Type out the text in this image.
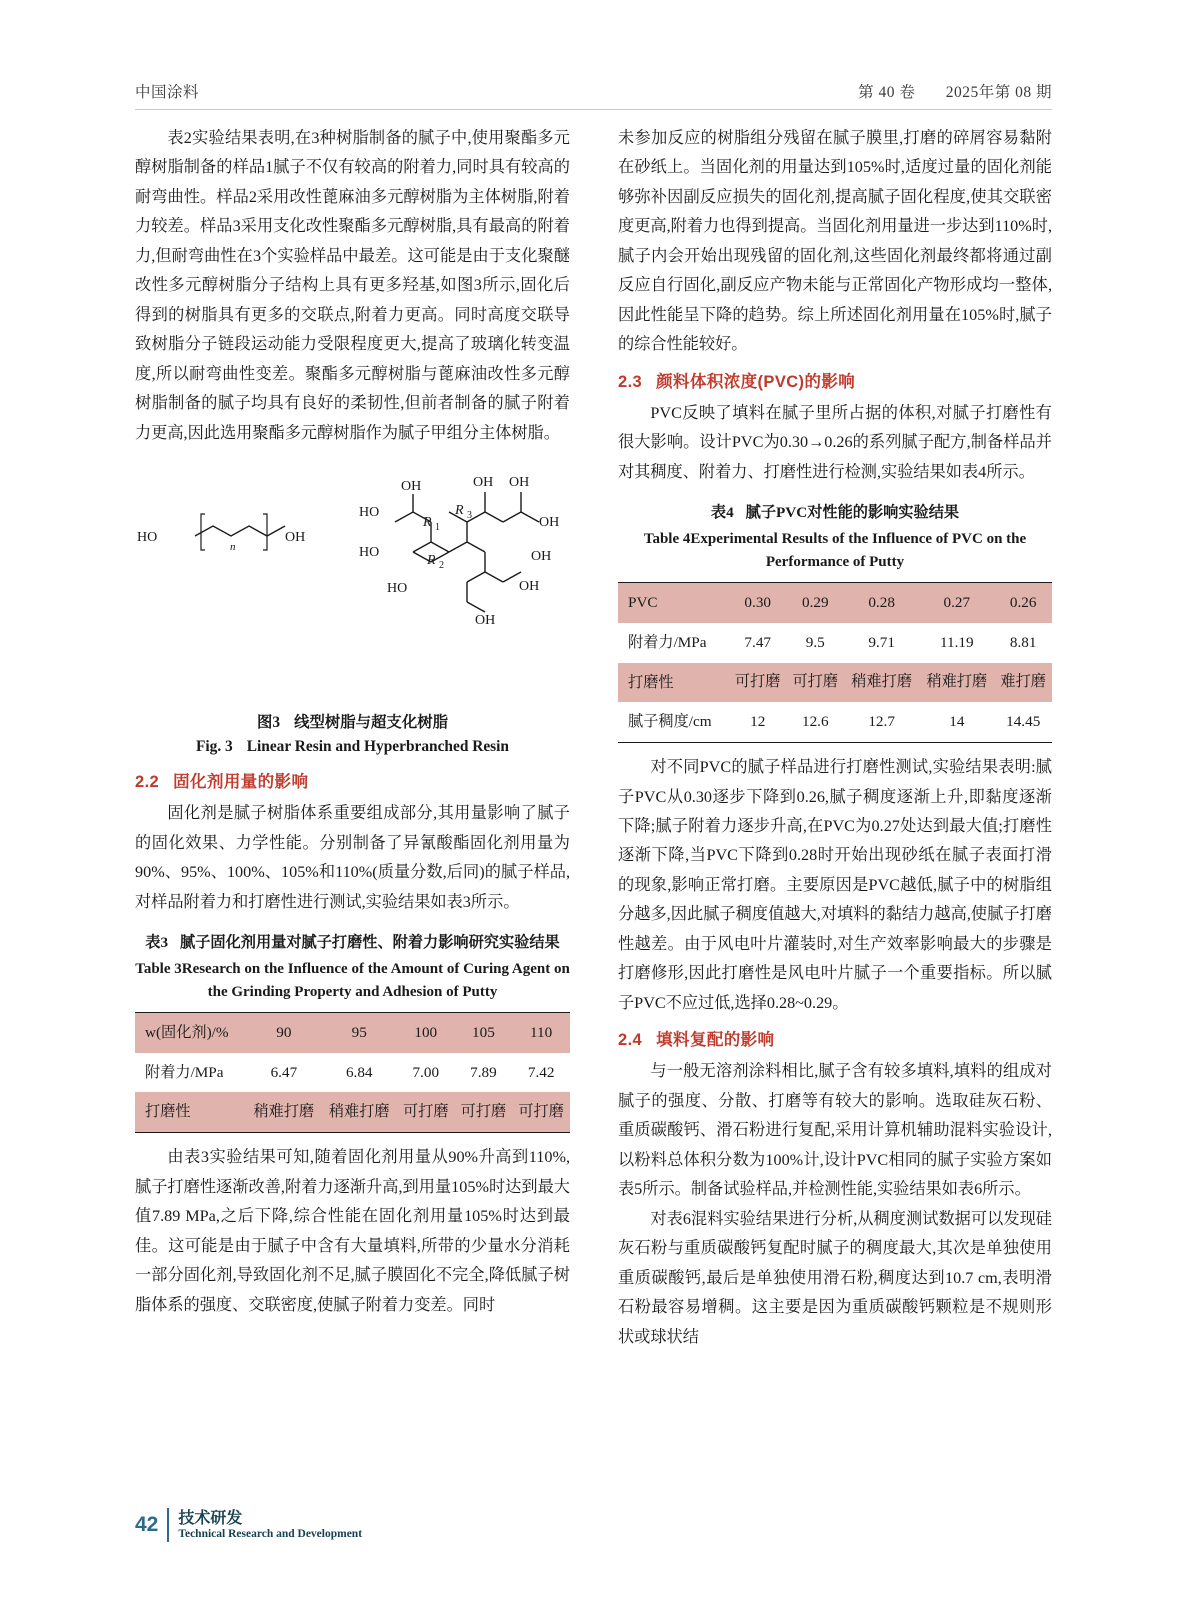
中国涂料	第 40 卷 2025年第 08 期

表2实验结果表明,在3种树脂制备的腻子中,使用聚酯多元醇树脂制备的样品1腻子不仅有较高的附着力,同时具有较高的耐弯曲性。样品2采用改性蓖麻油多元醇树脂为主体树脂,附着力较差。样品3采用支化改性聚酯多元醇树脂,具有最高的附着力,但耐弯曲性在3个实验样品中最差。这可能是由于支化聚醚改性多元醇树脂分子结构上具有更多羟基,如图3所示,固化后得到的树脂具有更多的交联点,附着力更高。同时高度交联导致树脂分子链段运动能力受限程度更大,提高了玻璃化转变温度,所以耐弯曲性变差。聚酯多元醇树脂与蓖麻油改性多元醇树脂制备的腻子均具有良好的柔韧性,但前者制备的腻子附着力更高,因此选用聚酯多元醇树脂作为腻子甲组分主体树脂。

HO	OH
n
OH	OH OH
HO
HO
HO
OH
OH
OH
OH
R 1
R 2
R 3
图3 线型树脂与超支化树脂
Fig. 3 Linear Resin and Hyperbranched Resin
2.2 固化剂用量的影响

固化剂是腻子树脂体系重要组成部分,其用量影响了腻子的固化效果、力学性能。分别制备了异氰酸酯固化剂用量为90%、95%、100%、105%和110%(质量分数,后同)的腻子样品,对样品附着力和打磨性进行测试,实验结果如表3所示。

表3 腻子固化剂用量对腻子打磨性、附着力影响研究实验结果
Table 3Research on the Influence of the Amount of Curing Agent on the Grinding Property and Adhesion of Putty
w(固化剂)/%	90	95	100	105	110
附着力/MPa	6.47	6.84	7.00	7.89	7.42
打磨性	稍难打磨	稍难打磨	可打磨	可打磨	可打磨

由表3实验结果可知,随着固化剂用量从90%升高到110%,腻子打磨性逐渐改善,附着力逐渐升高,到用量105%时达到最大值7.89 MPa,之后下降,综合性能在固化剂用量105%时达到最佳。这可能是由于腻子中含有大量填料,所带的少量水分消耗一部分固化剂,导致固化剂不足,腻子膜固化不完全,降低腻子树脂体系的强度、交联密度,使腻子附着力变差。同时

未参加反应的树脂组分残留在腻子膜里,打磨的碎屑容易黏附在砂纸上。当固化剂的用量达到105%时,适度过量的固化剂能够弥补因副反应损失的固化剂,提高腻子固化程度,使其交联密度更高,附着力也得到提高。当固化剂用量进一步达到110%时,腻子内会开始出现残留的固化剂,这些固化剂最终都将通过副反应自行固化,副反应产物未能与正常固化产物形成均一整体,因此性能呈下降的趋势。综上所述固化剂用量在105%时,腻子的综合性能较好。

2.3 颜料体积浓度(PVC)的影响

PVC反映了填料在腻子里所占据的体积,对腻子打磨性有很大影响。设计PVC为0.30→0.26的系列腻子配方,制备样品并对其稠度、附着力、打磨性进行检测,实验结果如表4所示。

表4 腻子PVC对性能的影响实验结果
Table 4Experimental Results of the Influence of PVC on the Performance of Putty
PVC	0.30	0.29	0.28	0.27	0.26
附着力/MPa	7.47	9.5	9.71	11.19	8.81
打磨性	可打磨	可打磨	稍难打磨	稍难打磨	难打磨
腻子稠度/cm	12	12.6	12.7	14	14.45

对不同PVC的腻子样品进行打磨性测试,实验结果表明:腻子PVC从0.30逐步下降到0.26,腻子稠度逐渐上升,即黏度逐渐下降;腻子附着力逐步升高,在PVC为0.27处达到最大值;打磨性逐渐下降,当PVC下降到0.28时开始出现砂纸在腻子表面打滑的现象,影响正常打磨。主要原因是PVC越低,腻子中的树脂组分越多,因此腻子稠度值越大,对填料的黏结力越高,使腻子打磨性越差。由于风电叶片灌装时,对生产效率影响最大的步骤是打磨修形,因此打磨性是风电叶片腻子一个重要指标。所以腻子PVC不应过低,选择0.28~0.29。

2.4 填料复配的影响

与一般无溶剂涂料相比,腻子含有较多填料,填料的组成对腻子的强度、分散、打磨等有较大的影响。选取硅灰石粉、重质碳酸钙、滑石粉进行复配,采用计算机辅助混料实验设计,以粉料总体积分数为100%计,设计PVC相同的腻子实验方案如表5所示。制备试验样品,并检测性能,实验结果如表6所示。

对表6混料实验结果进行分析,从稠度测试数据可以发现硅灰石粉与重质碳酸钙复配时腻子的稠度最大,其次是单独使用重质碳酸钙,最后是单独使用滑石粉,稠度达到10.7 cm,表明滑石粉最容易增稠。这主要是因为重质碳酸钙颗粒是不规则形状或球状结

42 技术研发
Technical Research and Development
